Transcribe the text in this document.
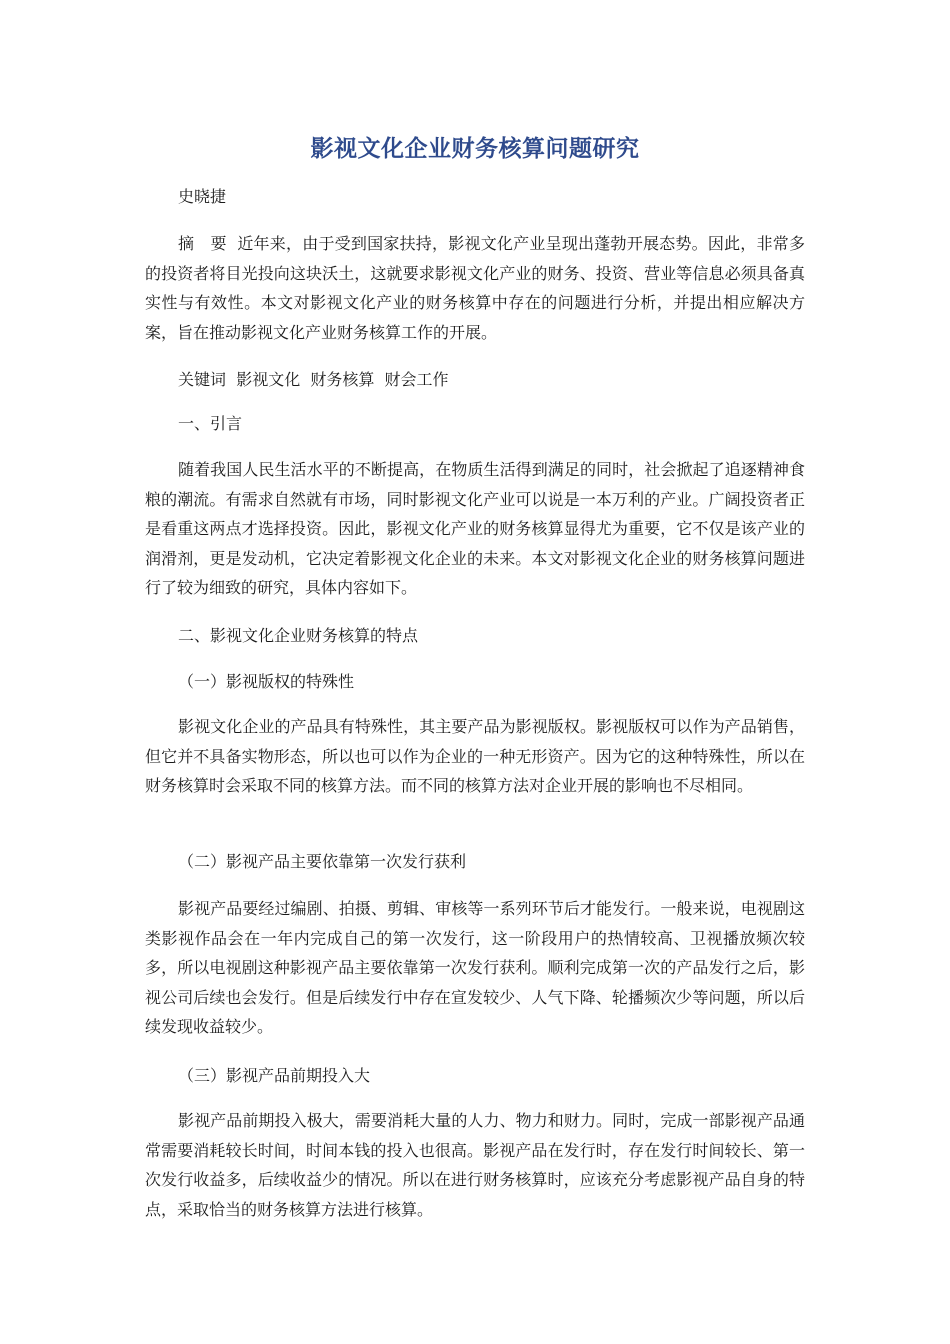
影视文化企业财务核算问题研究
史晓捷
摘　要 近年来，由于受到国家扶持，影视文化产业呈现出蓬勃开展态势。因此，非常多的投资者将目光投向这块沃土，这就要求影视文化产业的财务、投资、营业等信息必须具备真实性与有效性。本文对影视文化产业的财务核算中存在的问题进行分析，并提出相应解决方案，旨在推动影视文化产业财务核算工作的开展。
关键词 影视文化  财务核算  财会工作
一、引言
随着我国人民生活水平的不断提高，在物质生活得到满足的同时，社会掀起了追逐精神食粮的潮流。有需求自然就有市场，同时影视文化产业可以说是一本万利的产业。广阔投资者正是看重这两点才选择投资。因此，影视文化产业的财务核算显得尤为重要，它不仅是该产业的润滑剂，更是发动机，它决定着影视文化企业的未来。本文对影视文化企业的财务核算问题进行了较为细致的研究，具体内容如下。
二、影视文化企业财务核算的特点
（一）影视版权的特殊性
影视文化企业的产品具有特殊性，其主要产品为影视版权。影视版权可以作为产品销售，但它并不具备实物形态，所以也可以作为企业的一种无形资产。因为它的这种特殊性，所以在财务核算时会采取不同的核算方法。而不同的核算方法对企业开展的影响也不尽相同。
（二）影视产品主要依靠第一次发行获利
影视产品要经过编剧、拍摄、剪辑、审核等一系列环节后才能发行。一般来说，电视剧这类影视作品会在一年内完成自己的第一次发行，这一阶段用户的热情较高、卫视播放频次较多，所以电视剧这种影视产品主要依靠第一次发行获利。顺利完成第一次的产品发行之后，影视公司后续也会发行。但是后续发行中存在宣发较少、人气下降、轮播频次少等问题，所以后续发现收益较少。
（三）影视产品前期投入大
影视产品前期投入极大，需要消耗大量的人力、物力和财力。同时，完成一部影视产品通常需要消耗较长时间，时间本钱的投入也很高。影视产品在发行时，存在发行时间较长、第一次发行收益多，后续收益少的情况。所以在进行财务核算时，应该充分考虑影视产品自身的特点，采取恰当的财务核算方法进行核算。
